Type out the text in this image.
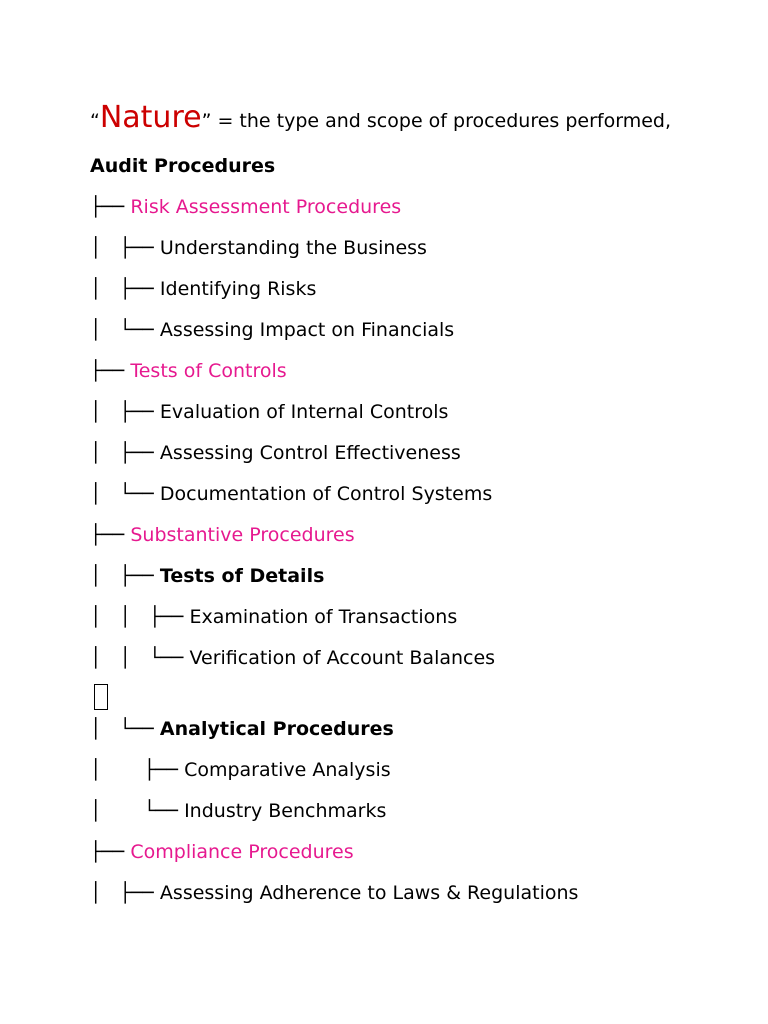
“Nature” = the type and scope of procedures performed,
Audit Procedures
├── Risk Assessment Procedures
│   ├── Understanding the Business
│   ├── Identifying Risks
│   └── Assessing Impact on Financials
├── Tests of Controls
│   ├── Evaluation of Internal Controls
│   ├── Assessing Control Effectiveness
│   └── Documentation of Control Systems
├── Substantive Procedures
│   ├── Tests of Details
│   │   ├── Examination of Transactions
│   │   └── Verification of Account Balances
│   └── Analytical Procedures
│       ├── Comparative Analysis
│       └── Industry Benchmarks
├── Compliance Procedures
│   ├── Assessing Adherence to Laws & Regulations
